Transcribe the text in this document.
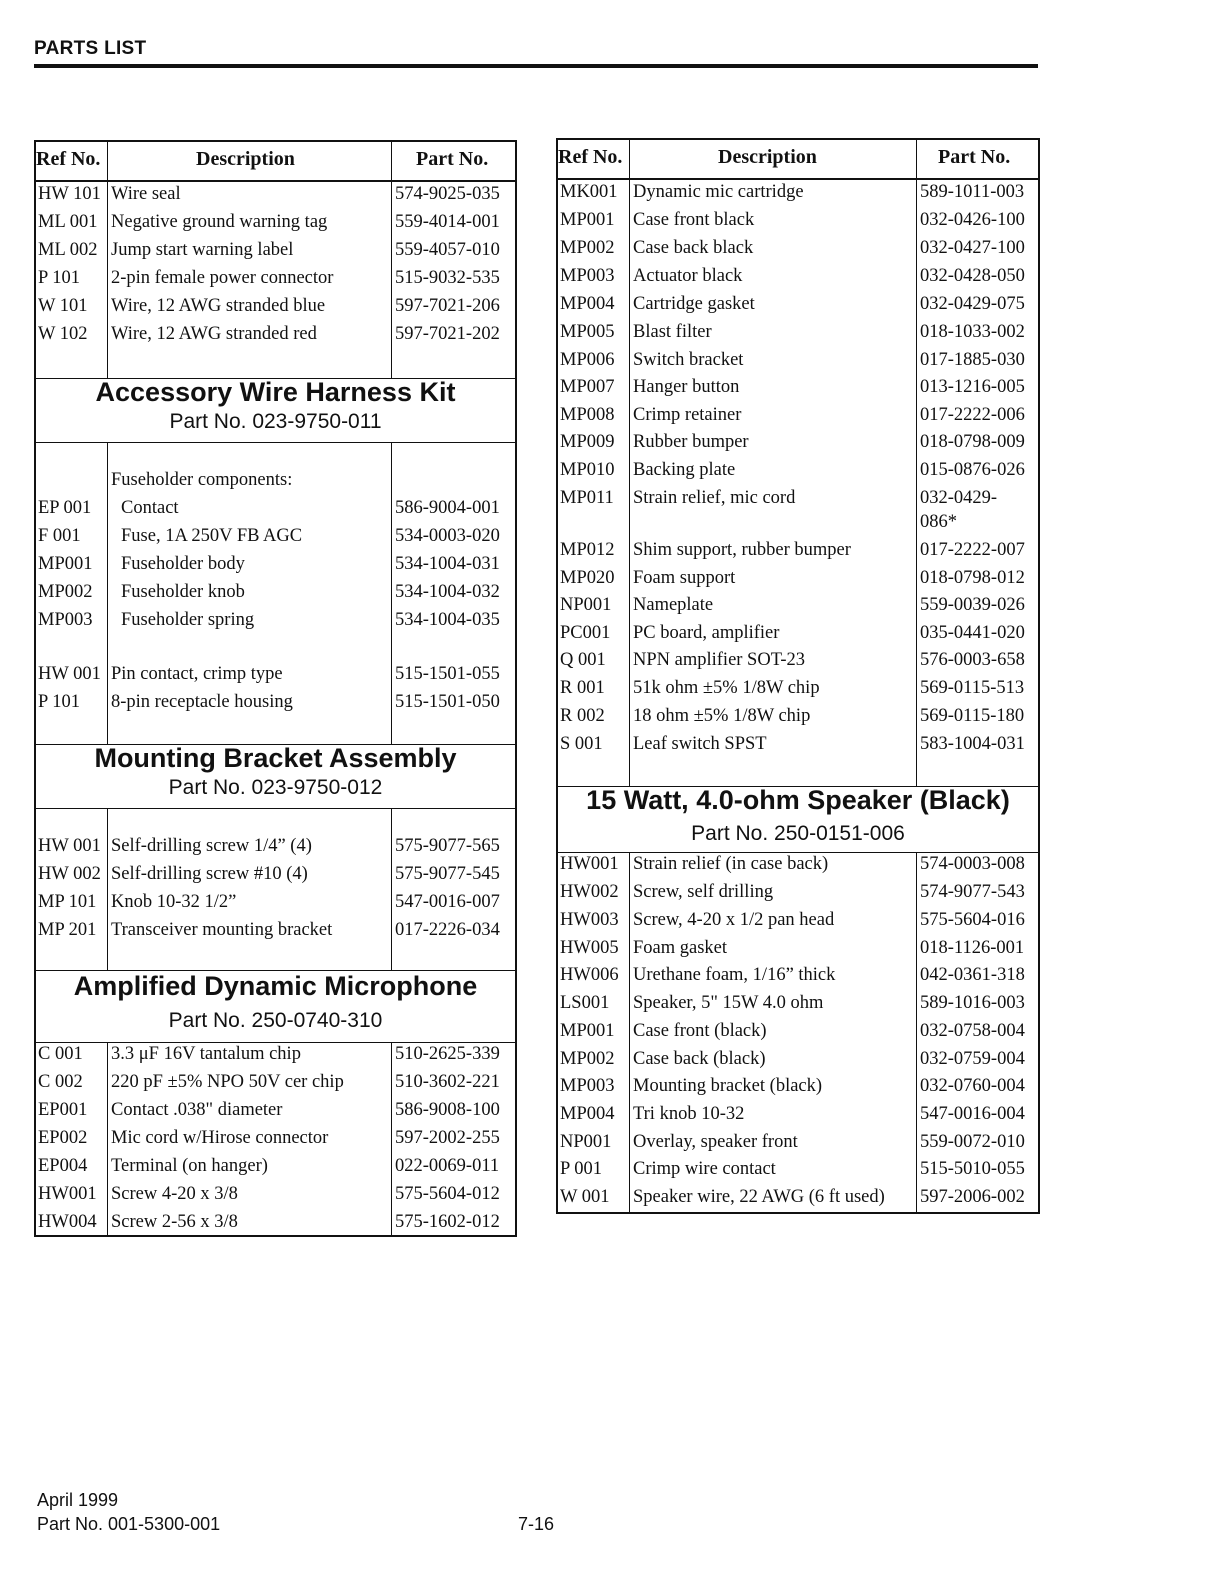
PARTS LIST
Ref No.	Description	Part No.
HW 101 Wire seal	574-9025-035
ML 001 Negative ground warning tag	559-4014-001
ML 002 Jump start warning label	559-4057-010
P 101 2-pin female power connector	515-9032-535
W 101 Wire, 12 AWG stranded blue	597-7021-206
W 102 Wire, 12 AWG stranded red	597-7021-202
Accessory Wire Harness Kit
Part No. 023-9750-011
Fuseholder components:
EP 001 Contact	586-9004-001
F 001 Fuse, 1A 250V FB AGC	534-0003-020
MP001 Fuseholder body	534-1004-031
MP002 Fuseholder knob	534-1004-032
MP003 Fuseholder spring	534-1004-035
HW 001 Pin contact, crimp type	515-1501-055
P 101 8-pin receptacle housing	515-1501-050
Mounting Bracket Assembly
Part No. 023-9750-012
HW 001 Self-drilling screw 1/4” (4)	575-9077-565
HW 002 Self-drilling screw #10 (4)	575-9077-545
MP 101 Knob 10-32 1/2”	547-0016-007
MP 201 Transceiver mounting bracket	017-2226-034
Amplified Dynamic Microphone
Part No. 250-0740-310
C 001 3.3 μF 16V tantalum chip	510-2625-339
C 002 220 pF ±5% NPO 50V cer chip	510-3602-221
EP001 Contact .038" diameter	586-9008-100
EP002 Mic cord w/Hirose connector	597-2002-255
EP004 Terminal (on hanger)	022-0069-011
HW001 Screw 4-20 x 3/8	575-5604-012
HW004 Screw 2-56 x 3/8	575-1602-012
Ref No.	Description	Part No.
MK001 Dynamic mic cartridge	589-1011-003
MP001 Case front black	032-0426-100
MP002 Case back black	032-0427-100
MP003 Actuator black	032-0428-050
MP004 Cartridge gasket	032-0429-075
MP005 Blast filter	018-1033-002
MP006 Switch bracket	017-1885-030
MP007 Hanger button	013-1216-005
MP008 Crimp retainer	017-2222-006
MP009 Rubber bumper	018-0798-009
MP010 Backing plate	015-0876-026
MP011 Strain relief, mic cord	032-0429-
086*
MP012 Shim support, rubber bumper	017-2222-007
MP020 Foam support	018-0798-012
NP001 Nameplate	559-0039-026
PC001 PC board, amplifier	035-0441-020
Q 001 NPN amplifier SOT-23	576-0003-658
R 001 51k ohm ±5% 1/8W chip	569-0115-513
R 002 18 ohm ±5% 1/8W chip	569-0115-180
S 001 Leaf switch SPST	583-1004-031
15 Watt, 4.0-ohm Speaker (Black)
Part No. 250-0151-006
HW001 Strain relief (in case back)	574-0003-008
HW002 Screw, self drilling	574-9077-543
HW003 Screw, 4-20 x 1/2 pan head	575-5604-016
HW005 Foam gasket	018-1126-001
HW006 Urethane foam, 1/16” thick	042-0361-318
LS001 Speaker, 5" 15W 4.0 ohm	589-1016-003
MP001 Case front (black)	032-0758-004
MP002 Case back (black)	032-0759-004
MP003 Mounting bracket (black)	032-0760-004
MP004 Tri knob 10-32	547-0016-004
NP001 Overlay, speaker front	559-0072-010
P 001 Crimp wire contact	515-5010-055
W 001 Speaker wire, 22 AWG (6 ft used) 597-2006-002
April 1999
Part No. 001-5300-001	7-16
